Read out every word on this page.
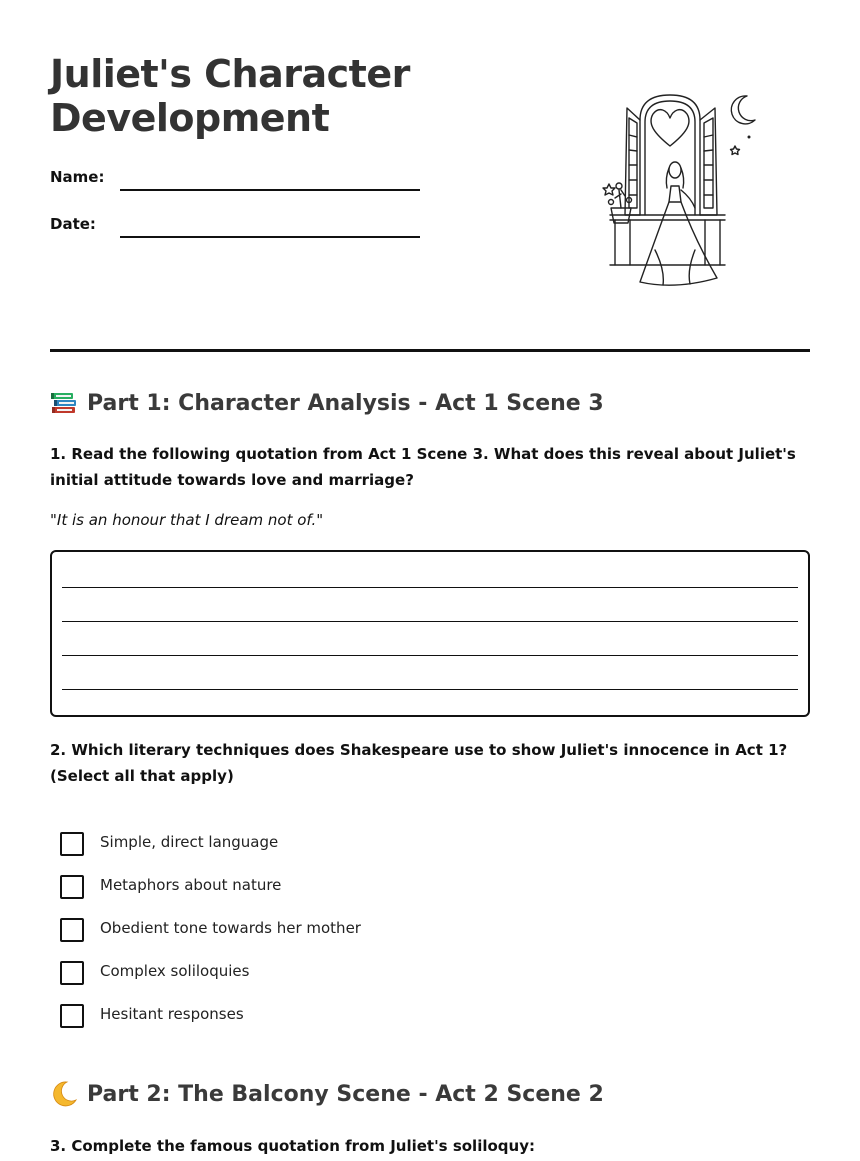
Juliet's Character
Development
Name:
Date:
Part 1: Character Analysis - Act 1 Scene 3

1. Read the following quotation from Act 1 Scene 3. What does this reveal about Juliet's initial attitude towards love and marriage?

"It is an honour that I dream not of."

2. Which literary techniques does Shakespeare use to show Juliet's innocence in Act 1? (Select all that apply)

Simple, direct language
Metaphors about nature
Obedient tone towards her mother
Complex soliloquies
Hesitant responses
Part 2: The Balcony Scene - Act 2 Scene 2

3. Complete the famous quotation from Juliet's soliloquy:
